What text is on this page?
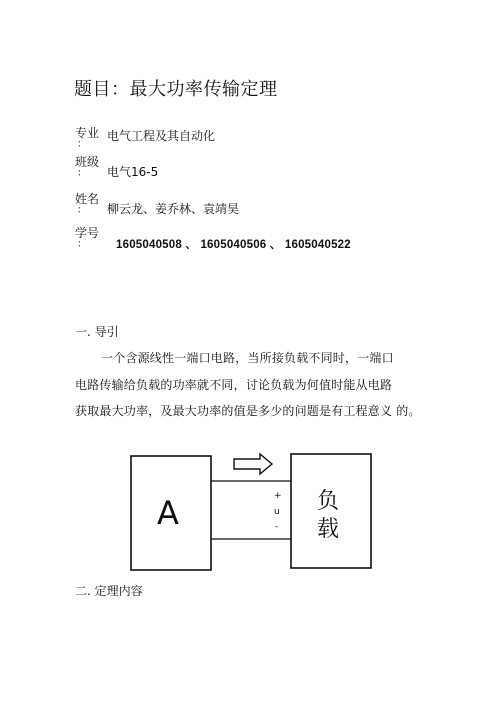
题目：最大功率传输定理
专业
：
电气工程及其自动化
班级
：	电气16-5
姓名
：	柳云龙、姜乔林、袁靖昊
学号
：	1605040508 、 1605040506 、 1605040522
一. 导引
一个含源线性一端口电路，当所接负载不同时，一端口
电路传输给负载的功率就不同，讨论负载为何值时能从电路
获取最大功率，及最大功率的值是多少的问题是有工程意义 的。
A	负
载
+
u
-
二. 定理内容
